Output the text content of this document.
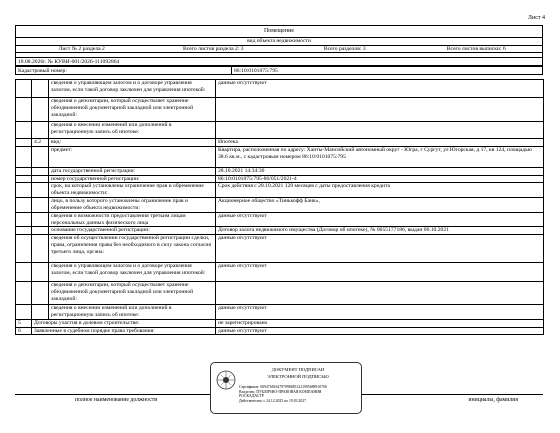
Лист 4
Помещение
вид объекта недвижимости
Лист № 2 раздела 2	Всего листов раздела 2: 3	Всего разделов: 3	Всего листов выписки: 6
18.08.2026г. № КУВИ-001/2026-111092864
Кадастровый номер:	86:10:0101075:795
		сведения о управляющем залогом и о договоре управления залогом, если такой договор заключен для управления ипотекой:	данные отсутствуют
		сведения о депозитарии, который осуществляет хранение обездвиженной документарной закладной или электронной закладной:	
		сведения о внесении изменений или дополнений в регистрационную запись об ипотеке:	
	4.2	вид:	Ипотека
		предмет:	Квартира, расположенная по адресу: Ханты-Мансийский автономный округ - Югра, г Сургут, ул Югорская, д 17, кв 124, площадью 38.6 кв.м., с кадастровым номером 86:10:0101075:795
		дата государственной регистрации:	28.10.2021 14:34:30
		номер государственной регистрации:	86:10:0101075:795-86/051/2021-4
		срок, на который установлены ограничение прав и обременение объекта недвижимости:	Срок действия с 28.10.2021 120 месяцев с даты предоставления кредита
		лицо, в пользу которого установлены ограничение прав и обременение объекта недвижимости:	Акционерное общество «Тинькофф Банк»,
		сведения о возможности предоставления третьим лицам персональных данных физического лица	данные отсутствуют
		основание государственной регистрации:	Договор залога недвижимого имущества (Договор об ипотеке), № 0655177186, выдан 06.10.2021
		сведения об осуществлении государственной регистрации сделки, права, ограничения права без необходимого в силу закона согласия третьего лица, органа:	данные отсутствуют
		сведения о управляющем залогом и о договоре управления залогом, если такой договор заключен для управления ипотекой:	данные отсутствуют
		сведения о депозитарии, который осуществляет хранение обездвиженной документарной закладной или электронной закладной:	
		сведения о внесении изменений или дополнений в регистрационную запись об ипотеке:	данные отсутствуют
5	Договоры участия в долевом строительстве:		не зарегистрировано
6	Заявленные в судебном порядке права требования:		данные отсутствуют
полное наименование должности	инициалы, фамилия
ДОКУМЕНТ ПОДПИСАН
ЭЛЕКТРОННОЙ ПОДПИСЬЮ
Сертификат: 00947681647979986851221905688910706
Владелец: ПУБЛИЧНО-ПРАВОВАЯ КОМПАНИЯ
РОСКАДАСТР
Действителен: с 24.12.2025 по 19.03.2027
